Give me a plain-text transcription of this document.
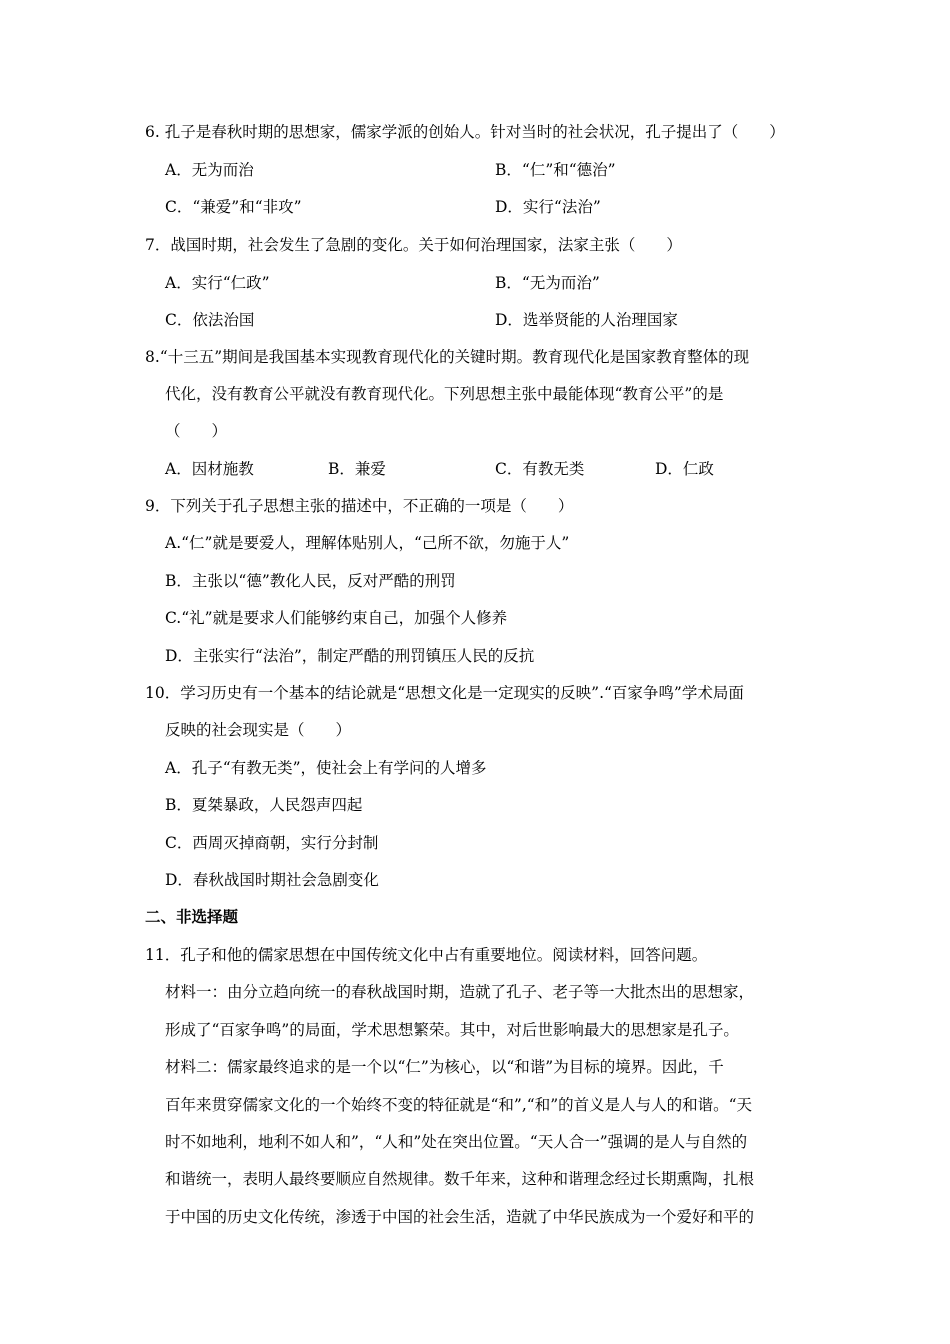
6. 孔子是春秋时期的思想家，儒家学派的创始人。针对当时的社会状况，孔子提出了（　　）
A．无为而治	B．“仁”和“德治”
C．“兼爱”和“非攻”	D．实行“法治”
7．战国时期，社会发生了急剧的变化。关于如何治理国家，法家主张（　　）
A．实行“仁政”	B．“无为而治”
C．依法治国	D．选举贤能的人治理国家
8.“十三五”期间是我国基本实现教育现代化的关键时期。教育现代化是国家教育整体的现
代化，没有教育公平就没有教育现代化。下列思想主张中最能体现“教育公平”的是
（　　）
A．因材施教	B．兼爱	C．有教无类	D．仁政
9．下列关于孔子思想主张的描述中，不正确的一项是（　　）
A.“仁”就是要爱人，理解体贴别人，“己所不欲，勿施于人”
B．主张以“德”教化人民，反对严酷的刑罚
C.“礼”就是要求人们能够约束自己，加强个人修养
D．主张实行“法治”，制定严酷的刑罚镇压人民的反抗
10．学习历史有一个基本的结论就是“思想文化是一定现实的反映”.“百家争鸣”学术局面
反映的社会现实是（　　）
A．孔子“有教无类”，使社会上有学问的人增多
B．夏桀暴政，人民怨声四起
C．西周灭掉商朝，实行分封制
D．春秋战国时期社会急剧变化
二、非选择题
11．孔子和他的儒家思想在中国传统文化中占有重要地位。阅读材料，回答问题。
材料一：由分立趋向统一的春秋战国时期，造就了孔子、老子等一大批杰出的思想家，
形成了“百家争鸣”的局面，学术思想繁荣。其中，对后世影响最大的思想家是孔子。
材料二：儒家最终追求的是一个以“仁”为核心，以“和谐”为目标的境界。因此，千
百年来贯穿儒家文化的一个始终不变的特征就是“和”,“和”的首义是人与人的和谐。“天
时不如地利，地利不如人和”，“人和”处在突出位置。“天人合一”强调的是人与自然的
和谐统一，表明人最终要顺应自然规律。数千年来，这种和谐理念经过长期熏陶，扎根
于中国的历史文化传统，渗透于中国的社会生活，造就了中华民族成为一个爱好和平的
